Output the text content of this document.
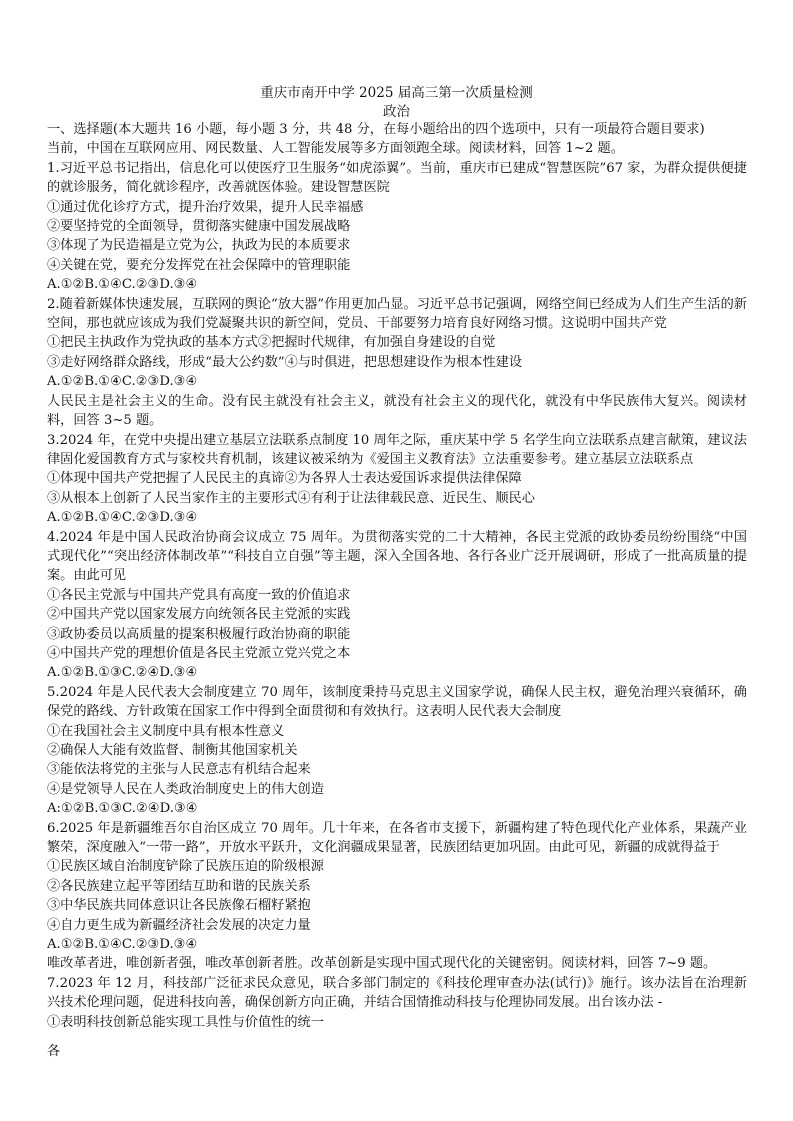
重庆市南开中学 2025 届高三第一次质量检测
政治
一、选择题(本大题共 16 小题，每小题 3 分，共 48 分，在每小题给出的四个选项中，只有一项最符合题目要求)
当前，中国在互联网应用、网民数量、人工智能发展等多方面领跑全球。阅读材料，回答 1~2 题。
1.习近平总书记指出，信息化可以使医疗卫生服务“如虎添翼”。当前，重庆市已建成“智慧医院”67 家，为群众提供便捷的就诊服务，简化就诊程序，改善就医体验。建设智慧医院
①通过优化诊疗方式，提升治疗效果，提升人民幸福感
②要坚持党的全面领导，贯彻落实健康中国发展战略
③体现了为民造福是立党为公，执政为民的本质要求
④关键在党，要充分发挥党在社会保障中的管理职能
A.①②B.①④C.②③D.③④
2.随着新媒体快速发展，互联网的舆论“放大器”作用更加凸显。习近平总书记强调，网络空间已经成为人们生产生活的新空间，那也就应该成为我们党凝聚共识的新空间，党员、干部要努力培育良好网络习惯。这说明中国共产党
①把民主执政作为党执政的基本方式②把握时代规律，有加强自身建设的自觉
③走好网络群众路线，形成“最大公约数”④与时俱进，把思想建设作为根本性建设
A.①②B.①④C.②③D.③④
人民民主是社会主义的生命。没有民主就没有社会主义，就没有社会主义的现代化，就没有中华民族伟大复兴。阅读材料，回答 3~5 题。
3.2024 年，在党中央提出建立基层立法联系点制度 10 周年之际，重庆某中学 5 名学生向立法联系点建言献策，建议法律固化爱国教育方式与家校共育机制，该建议被采纳为《爱国主义教育法》立法重要参考。建立基层立法联系点
①体现中国共产党把握了人民民主的真谛②为各界人士表达爱国诉求提供法律保障
③从根本上创新了人民当家作主的主要形式④有利于让法律载民意、近民生、顺民心
A.①②B.①④C.②③D.③④
4.2024 年是中国人民政治协商会议成立 75 周年。为贯彻落实党的二十大精神，各民主党派的政协委员纷纷围绕“中国式现代化”“突出经济体制改革”“科技自立自强”等主题，深入全国各地、各行各业广泛开展调研，形成了一批高质量的提案。由此可见
①各民主党派与中国共产党具有高度一致的价值追求
②中国共产党以国家发展方向统领各民主党派的实践
③政协委员以高质量的提案积极履行政治协商的职能
④中国共产党的理想价值是各民主党派立党兴党之本
A.①②B.①③C.②④D.③④
5.2024 年是人民代表大会制度建立 70 周年，该制度秉持马克思主义国家学说，确保人民主权，避免治理兴衰循环，确保党的路线、方针政策在国家工作中得到全面贯彻和有效执行。这表明人民代表大会制度
①在我国社会主义制度中具有根本性意义
②确保人大能有效监督、制衡其他国家机关
③能依法将党的主张与人民意志有机结合起来
④是党领导人民在人类政治制度史上的伟大创造
A:①②B.①③C.②④D.③④
6.2025 年是新疆维吾尔自治区成立 70 周年。几十年来，在各省市支援下，新疆构建了特色现代化产业体系，果蔬产业繁荣，深度融入“一带一路”，开放水平跃升，文化润疆成果显著，民族团结更加巩固。由此可见，新疆的成就得益于
①民族区域自治制度铲除了民族压迫的阶级根源
②各民族建立起平等团结互助和谐的民族关系
③中华民族共同体意识让各民族像石榴籽紧抱
④自力更生成为新疆经济社会发展的决定力量
A.①②B.①④C.②③D.③④
唯改革者进，唯创新者强，唯改革创新者胜。改革创新是实现中国式现代化的关键密钥。阅读材料，回答 7~9 题。
7.2023 年 12 月，科技部广泛征求民众意见，联合多部门制定的《科技伦理审查办法(试行)》施行。该办法旨在治理新兴技术伦理问题，促进科技向善，确保创新方向正确，并结合国情推动科技与伦理协同发展。出台该办法 -
①表明科技创新总能实现工具性与价值性的统一
各
